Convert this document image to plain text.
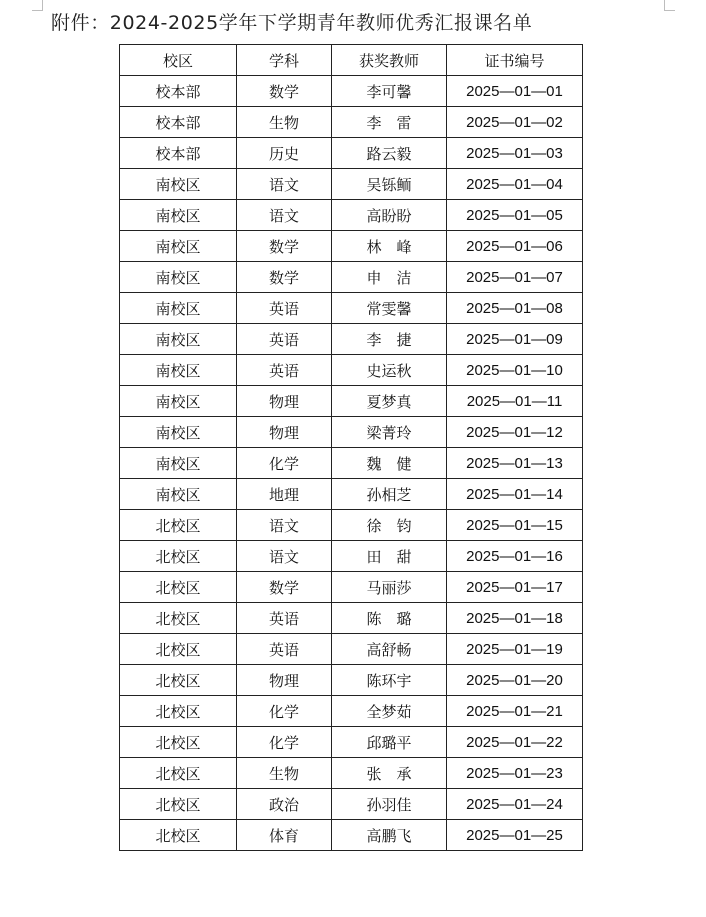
附件：2024-2025学年下学期青年教师优秀汇报课名单
校区	学科	获奖教师	证书编号
校本部	数学	李可馨	2025—01—01
校本部	生物	李　雷	2025—01—02
校本部	历史	路云毅	2025—01—03
南校区	语文	吴铄鲕	2025—01—04
南校区	语文	高盼盼	2025—01—05
南校区	数学	林　峰	2025—01—06
南校区	数学	申　洁	2025—01—07
南校区	英语	常雯馨	2025—01—08
南校区	英语	李　捷	2025—01—09
南校区	英语	史运秋	2025—01—10
南校区	物理	夏梦真	2025—01—11
南校区	物理	梁菁玲	2025—01—12
南校区	化学	魏　健	2025—01—13
南校区	地理	孙相芝	2025—01—14
北校区	语文	徐　钧	2025—01—15
北校区	语文	田　甜	2025—01—16
北校区	数学	马丽莎	2025—01—17
北校区	英语	陈　璐	2025—01—18
北校区	英语	高舒畅	2025—01—19
北校区	物理	陈环宇	2025—01—20
北校区	化学	全梦茹	2025—01—21
北校区	化学	邱璐平	2025—01—22
北校区	生物	张　承	2025—01—23
北校区	政治	孙羽佳	2025—01—24
北校区	体育	高鹏飞	2025—01—25
